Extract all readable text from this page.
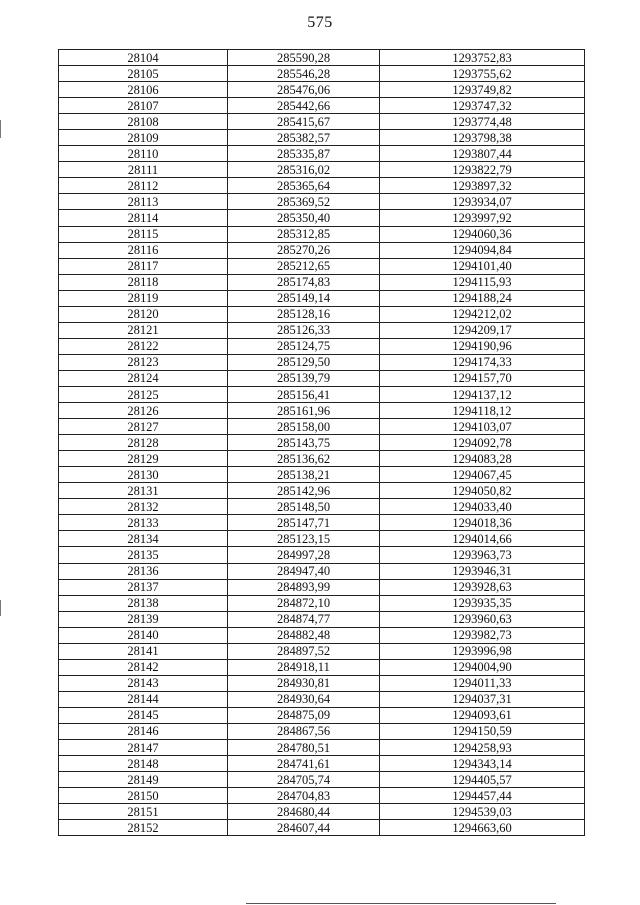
575
28104	285590,28	1293752,83
28105	285546,28	1293755,62
28106	285476,06	1293749,82
28107	285442,66	1293747,32
28108	285415,67	1293774,48
28109	285382,57	1293798,38
28110	285335,87	1293807,44
28111	285316,02	1293822,79
28112	285365,64	1293897,32
28113	285369,52	1293934,07
28114	285350,40	1293997,92
28115	285312,85	1294060,36
28116	285270,26	1294094,84
28117	285212,65	1294101,40
28118	285174,83	1294115,93
28119	285149,14	1294188,24
28120	285128,16	1294212,02
28121	285126,33	1294209,17
28122	285124,75	1294190,96
28123	285129,50	1294174,33
28124	285139,79	1294157,70
28125	285156,41	1294137,12
28126	285161,96	1294118,12
28127	285158,00	1294103,07
28128	285143,75	1294092,78
28129	285136,62	1294083,28
28130	285138,21	1294067,45
28131	285142,96	1294050,82
28132	285148,50	1294033,40
28133	285147,71	1294018,36
28134	285123,15	1294014,66
28135	284997,28	1293963,73
28136	284947,40	1293946,31
28137	284893,99	1293928,63
28138	284872,10	1293935,35
28139	284874,77	1293960,63
28140	284882,48	1293982,73
28141	284897,52	1293996,98
28142	284918,11	1294004,90
28143	284930,81	1294011,33
28144	284930,64	1294037,31
28145	284875,09	1294093,61
28146	284867,56	1294150,59
28147	284780,51	1294258,93
28148	284741,61	1294343,14
28149	284705,74	1294405,57
28150	284704,83	1294457,44
28151	284680,44	1294539,03
28152	284607,44	1294663,60
